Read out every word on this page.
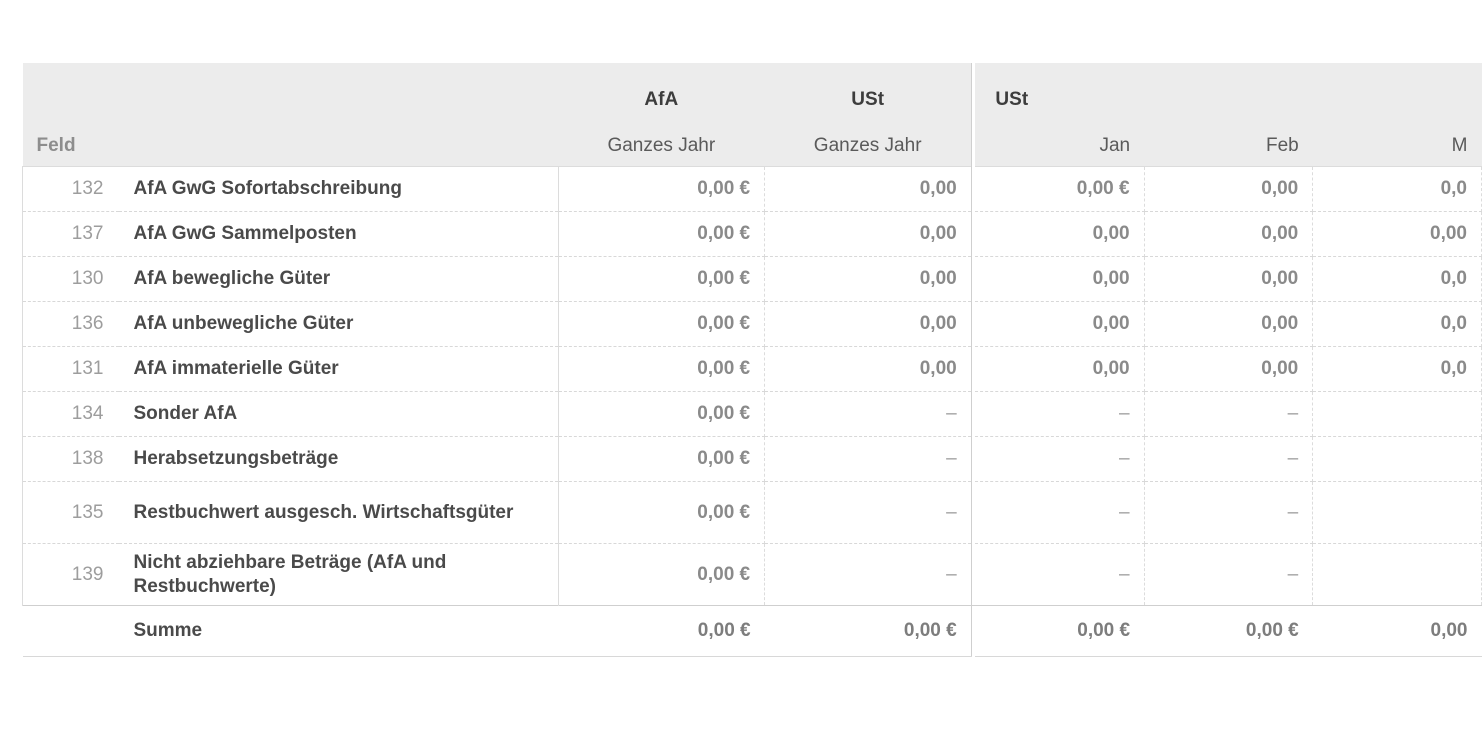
		AfA	USt		USt		
Feld		Ganzes Jahr	Ganzes Jahr		Jan	Feb	M
132	AfA GwG Sofortabschreibung	0,00 €	0,00		0,00 €	0,00	0,0
137	AfA GwG Sammelposten	0,00 €	0,00		0,00	0,00	0,00
130	AfA bewegliche Güter	0,00 €	0,00		0,00	0,00	0,0
136	AfA unbewegliche Güter	0,00 €	0,00		0,00	0,00	0,0
131	AfA immaterielle Güter	0,00 €	0,00		0,00	0,00	0,0
134	Sonder AfA	0,00 €	–		–	–	
138	Herabsetzungsbeträge	0,00 €	–		–	–	
135	Restbuchwert ausgesch. Wirtschaftsgüter	0,00 €	–		–	–	
139	Nicht abziehbare Beträge (AfA und Restbuchwerte)	0,00 €	–		–	–	
	Summe	0,00 €	0,00 €		0,00 €	0,00 €	0,00
